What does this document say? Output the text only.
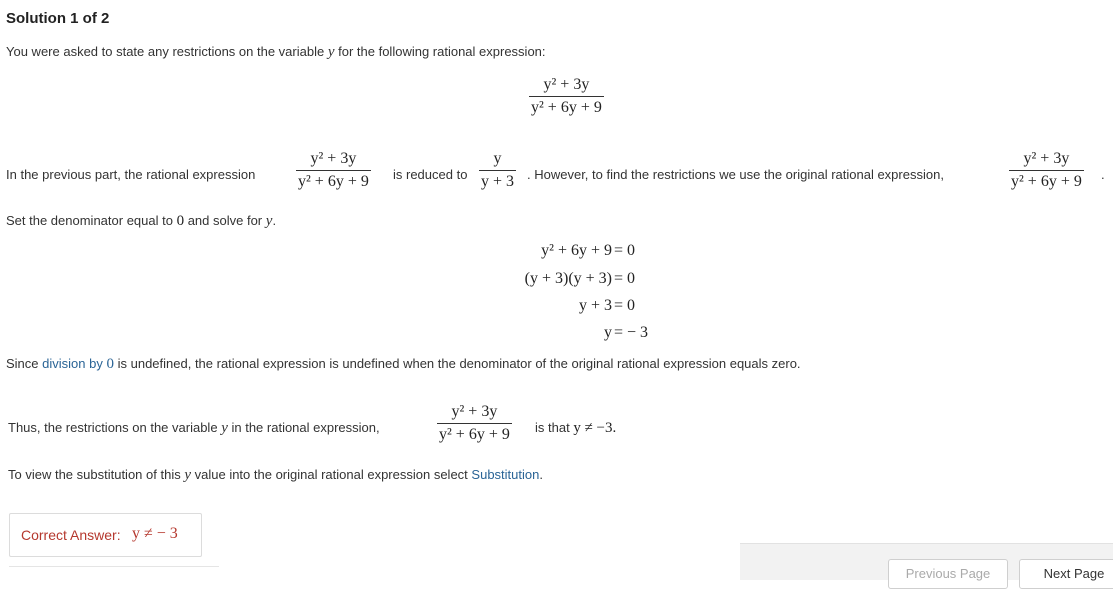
Solution 1 of 2
You were asked to state any restrictions on the variable y for the following rational expression:
y² + 3y
y² + 6y + 9
In the previous part, the rational expression
y² + 3y
y² + 6y + 9 is reduced to
y
y + 3 . However, to find the restrictions we use the original rational expression,
y² + 3y
y² + 6y + 9 .
Set the denominator equal to 0 and solve for y.
y² + 6y + 9 = 0
(y + 3)(y + 3) = 0
y + 3 = 0
y = − 3
Since division by 0 is undefined, the rational expression is undefined when the denominator of the original rational expression equals zero.
Thus, the restrictions on the variable y in the rational expression,
y² + 3y
y² + 6y + 9 is that y ≠ −3.
To view the substitution of this y value into the original rational expression select Substitution.
Correct Answer: y ≠ − 3
Previous Page	Next Page
